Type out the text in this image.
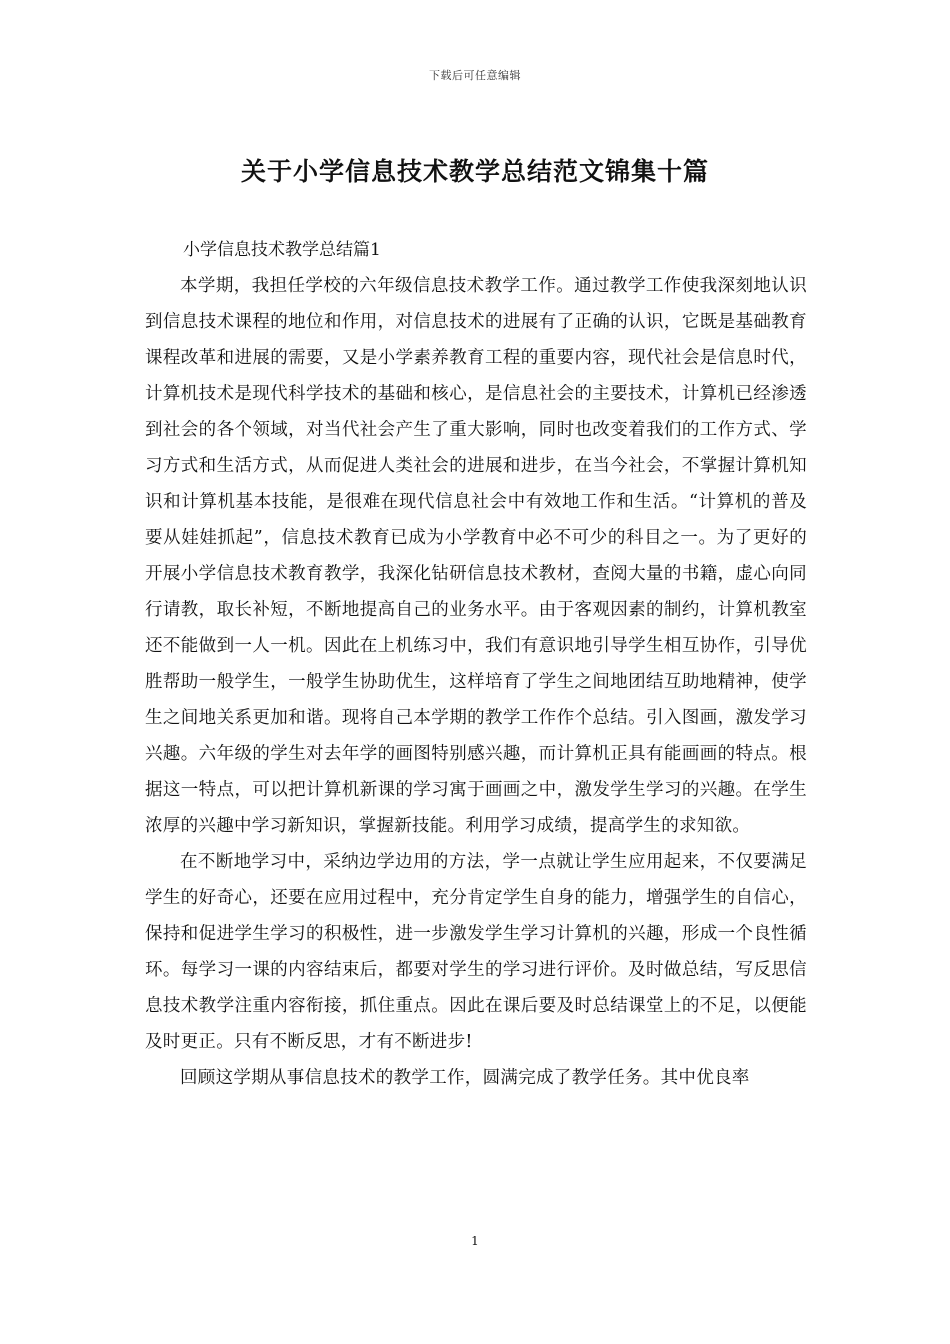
下载后可任意编辑
关于小学信息技术教学总结范文锦集十篇
小学信息技术教学总结篇1

本学期，我担任学校的六年级信息技术教学工作。通过教学工作使我深刻地认识到信息技术课程的地位和作用，对信息技术的进展有了正确的认识，它既是基础教育课程改革和进展的需要，又是小学素养教育工程的重要内容，现代社会是信息时代，计算机技术是现代科学技术的基础和核心，是信息社会的主要技术，计算机已经渗透到社会的各个领域，对当代社会产生了重大影响，同时也改变着我们的工作方式、学习方式和生活方式，从而促进人类社会的进展和进步，在当今社会，不掌握计算机知识和计算机基本技能，是很难在现代信息社会中有效地工作和生活。“计算机的普及要从娃娃抓起”，信息技术教育已成为小学教育中必不可少的科目之一。为了更好的开展小学信息技术教育教学，我深化钻研信息技术教材，查阅大量的书籍，虚心向同行请教，取长补短，不断地提高自己的业务水平。由于客观因素的制约，计算机教室还不能做到一人一机。因此在上机练习中，我们有意识地引导学生相互协作，引导优胜帮助一般学生，一般学生协助优生，这样培育了学生之间地团结互助地精神，使学生之间地关系更加和谐。现将自己本学期的教学工作作个总结。引入图画，激发学习兴趣。六年级的学生对去年学的画图特别感兴趣，而计算机正具有能画画的特点。根据这一特点，可以把计算机新课的学习寓于画画之中，激发学生学习的兴趣。在学生浓厚的兴趣中学习新知识，掌握新技能。利用学习成绩，提高学生的求知欲。

在不断地学习中，采纳边学边用的方法，学一点就让学生应用起来，不仅要满足学生的好奇心，还要在应用过程中，充分肯定学生自身的能力，增强学生的自信心，保持和促进学生学习的积极性，进一步激发学生学习计算机的兴趣，形成一个良性循环。每学习一课的内容结束后，都要对学生的学习进行评价。及时做总结，写反思信息技术教学注重内容衔接，抓住重点。因此在课后要及时总结课堂上的不足，以便能及时更正。只有不断反思，才有不断进步!

回顾这学期从事信息技术的教学工作，圆满完成了教学任务。其中优良率

1
